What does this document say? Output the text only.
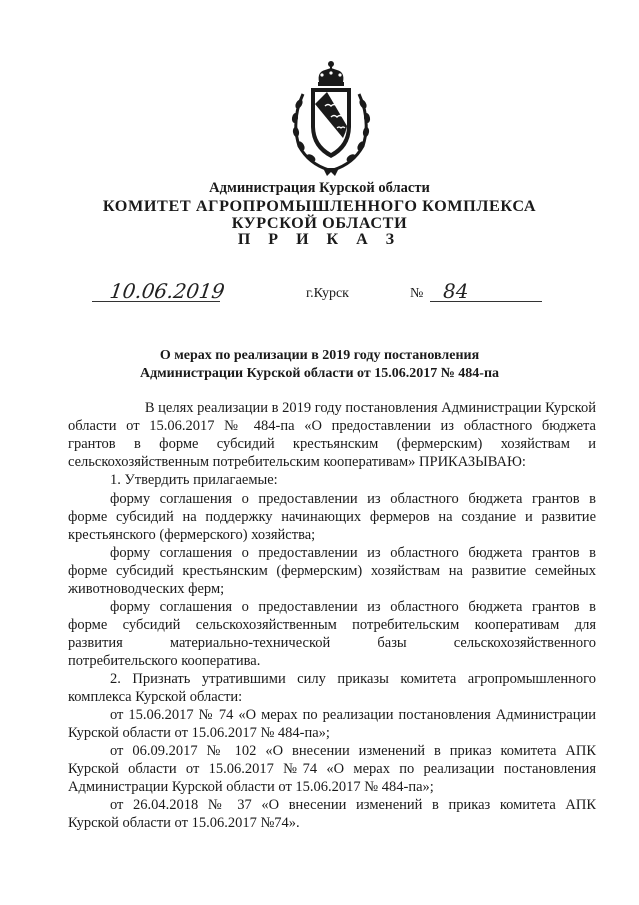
Администрация Курской области
КОМИТЕТ АГРОПРОМЫШЛЕННОГО КОМПЛЕКСА
КУРСКОЙ ОБЛАСТИ
П Р И К А З
10.06.2019	г.Курск	№ 84
О мерах по реализации в 2019 году постановления
Администрации Курской области от 15.06.2017 № 484-па
В целях реализации в 2019 году постановления Администрации Курской
области от 15.06.2017 № 484-па «О предоставлении из областного бюджета
грантов в форме субсидий крестьянским (фермерским) хозяйствам и
сельскохозяйственным потребительским кооперативам» ПРИКАЗЫВАЮ:
1. Утвердить прилагаемые:
форму соглашения о предоставлении из областного бюджета грантов в
форме субсидий на поддержку начинающих фермеров на создание и развитие
крестьянского (фермерского) хозяйства;
форму соглашения о предоставлении из областного бюджета грантов в
форме субсидий крестьянским (фермерским) хозяйствам на развитие семейных
животноводческих ферм;
форму соглашения о предоставлении из областного бюджета грантов в
форме субсидий сельскохозяйственным потребительским кооперативам для
развития материально-технической базы сельскохозяйственного
потребительского кооператива.
2. Признать утратившими силу приказы комитета агропромышленного
комплекса Курской области:
от 15.06.2017 № 74 «О мерах по реализации постановления Администрации
Курской области от 15.06.2017 № 484-па»;
от 06.09.2017 № 102 «О внесении изменений в приказ комитета АПК
Курской области от 15.06.2017 №74 «О мерах по реализации постановления
Администрации Курской области от 15.06.2017 № 484-па»;
от 26.04.2018 № 37 «О внесении изменений в приказ комитета АПК
Курской области от 15.06.2017 №74».
